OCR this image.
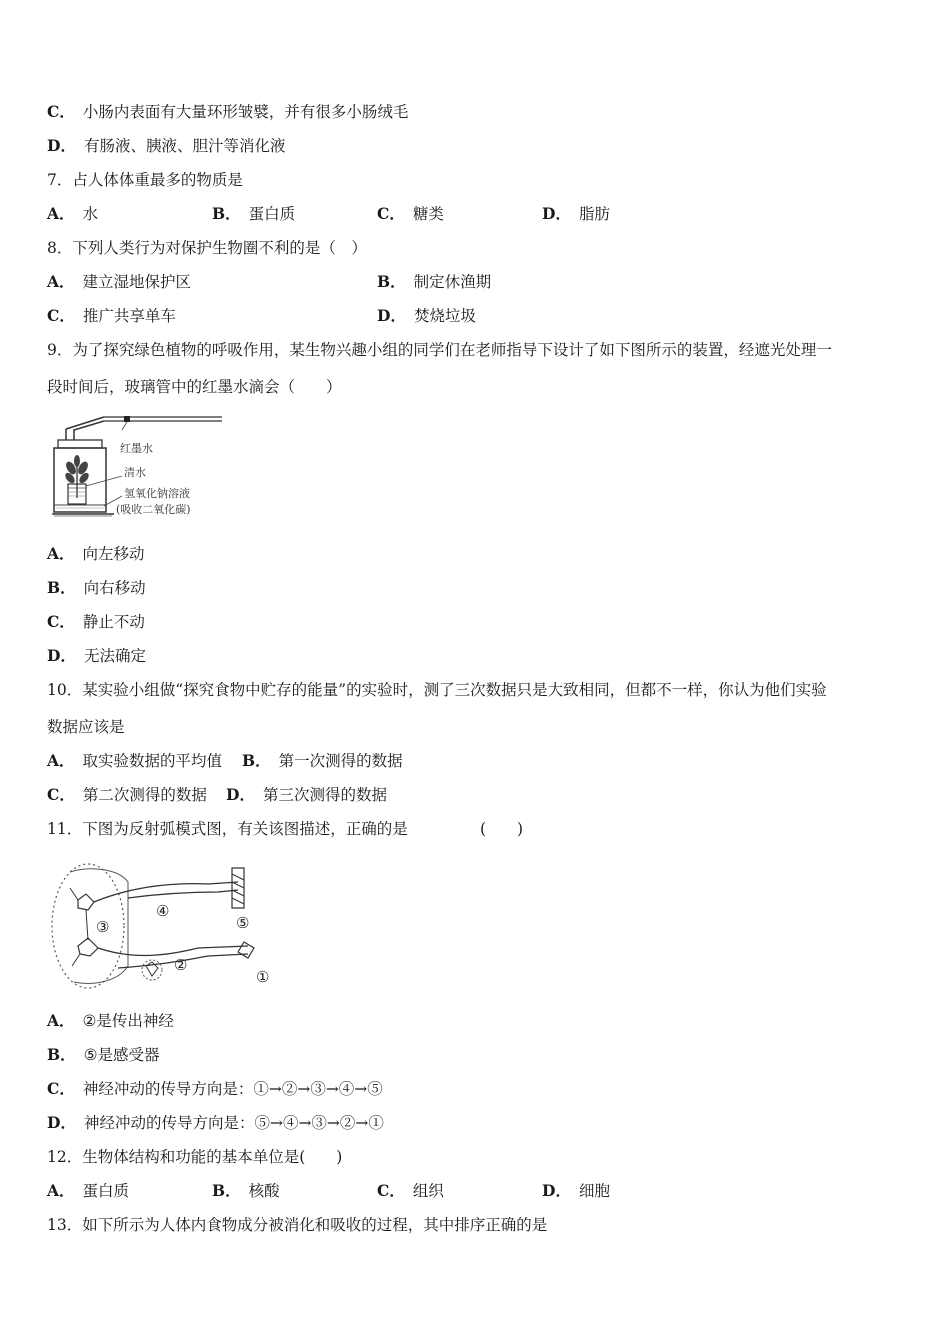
C． 小肠内表面有大量环形皱襞，并有很多小肠绒毛
D． 有肠液、胰液、胆汁等消化液
7．占人体体重最多的物质是
A． 水	B． 蛋白质	C． 糖类	D． 脂肪
8．下列人类行为对保护生物圈不利的是（　）
A． 建立湿地保护区	B． 制定休渔期
C． 推广共享单车	D． 焚烧垃圾
9．为了探究绿色植物的呼吸作用，某生物兴趣小组的同学们在老师指导下设计了如下图所示的装置，经遮光处理一
段时间后，玻璃管中的红墨水滴会（　　）
红墨水
清水
氢氧化钠溶液
(吸收二氧化碳)
A． 向左移动
B． 向右移动
C． 静止不动
D． 无法确定
10．某实验小组做“探究食物中贮存的能量”的实验时，测了三次数据只是大致相同，但都不一样，你认为他们实验
数据应该是
A． 取实验数据的平均值 B． 第一次测得的数据
C． 第二次测得的数据 D． 第三次测得的数据
11．下图为反射弧模式图，有关该图描述，正确的是	(　　)
①
②
③
④
⑤
A． ②是传出神经
B． ⑤是感受器
C． 神经冲动的传导方向是：①→②→③→④→⑤
D． 神经冲动的传导方向是：⑤→④→③→②→①
12．生物体结构和功能的基本单位是(　　)
A． 蛋白质	B． 核酸	C． 组织	D． 细胞
13．如下所示为人体内食物成分被消化和吸收的过程，其中排序正确的是
